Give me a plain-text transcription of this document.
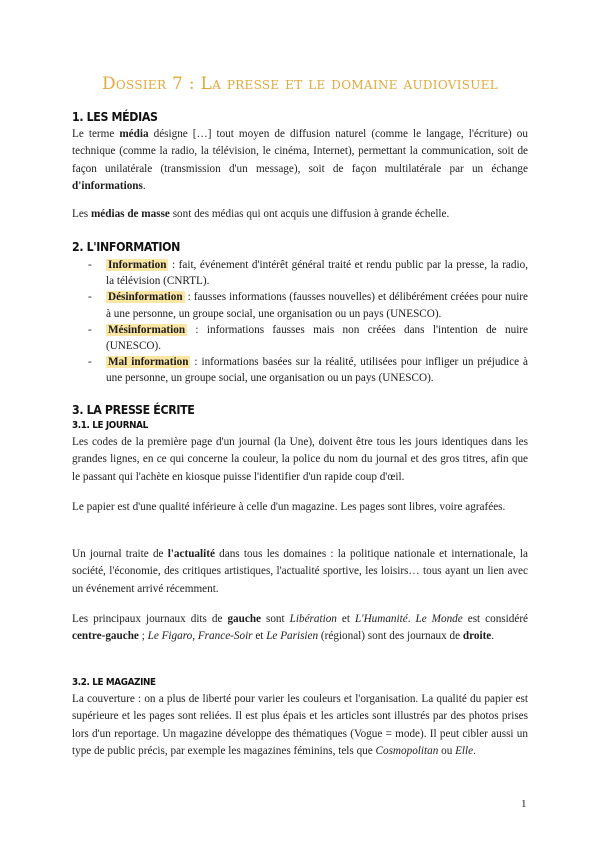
Dossier 7 : La presse et le domaine audiovisuel
1. LES MÉDIAS
Le terme média désigne […] tout moyen de diffusion naturel (comme le langage, l'écriture) ou technique (comme la radio, la télévision, le cinéma, Internet), permettant la communication, soit de façon unilatérale (transmission d'un message), soit de façon multilatérale par un échange d'informations.
Les médias de masse sont des médias qui ont acquis une diffusion à grande échelle.
2. L'INFORMATION
- Information : fait, événement d'intérêt général traité et rendu public par la presse, la radio, la télévision (CNRTL).
- Désinformation : fausses informations (fausses nouvelles) et délibérément créées pour nuire à une personne, un groupe social, une organisation ou un pays (UNESCO).
- Mésinformation : informations fausses mais non créées dans l'intention de nuire (UNESCO).
- Mal information : informations basées sur la réalité, utilisées pour infliger un préjudice à une personne, un groupe social, une organisation ou un pays (UNESCO).
3. LA PRESSE ÉCRITE
3.1. LE JOURNAL
Les codes de la première page d'un journal (la Une), doivent être tous les jours identiques dans les grandes lignes, en ce qui concerne la couleur, la police du nom du journal et des gros titres, afin que le passant qui l'achète en kiosque puisse l'identifier d'un rapide coup d'œil.
Le papier est d'une qualité inférieure à celle d'un magazine. Les pages sont libres, voire agrafées.
Un journal traite de l'actualité dans tous les domaines : la politique nationale et internationale, la société, l'économie, des critiques artistiques, l'actualité sportive, les loisirs… tous ayant un lien avec un événement arrivé récemment.
Les principaux journaux dits de gauche sont Libération et L'Humanité. Le Monde est considéré centre-gauche ; Le Figaro, France-Soir et Le Parisien (régional) sont des journaux de droite.
3.2. LE MAGAZINE
La couverture : on a plus de liberté pour varier les couleurs et l'organisation. La qualité du papier est supérieure et les pages sont reliées. Il est plus épais et les articles sont illustrés par des photos prises lors d'un reportage. Un magazine développe des thématiques (Vogue = mode). Il peut cibler aussi un type de public précis, par exemple les magazines féminins, tels que Cosmopolitan ou Elle.
1
